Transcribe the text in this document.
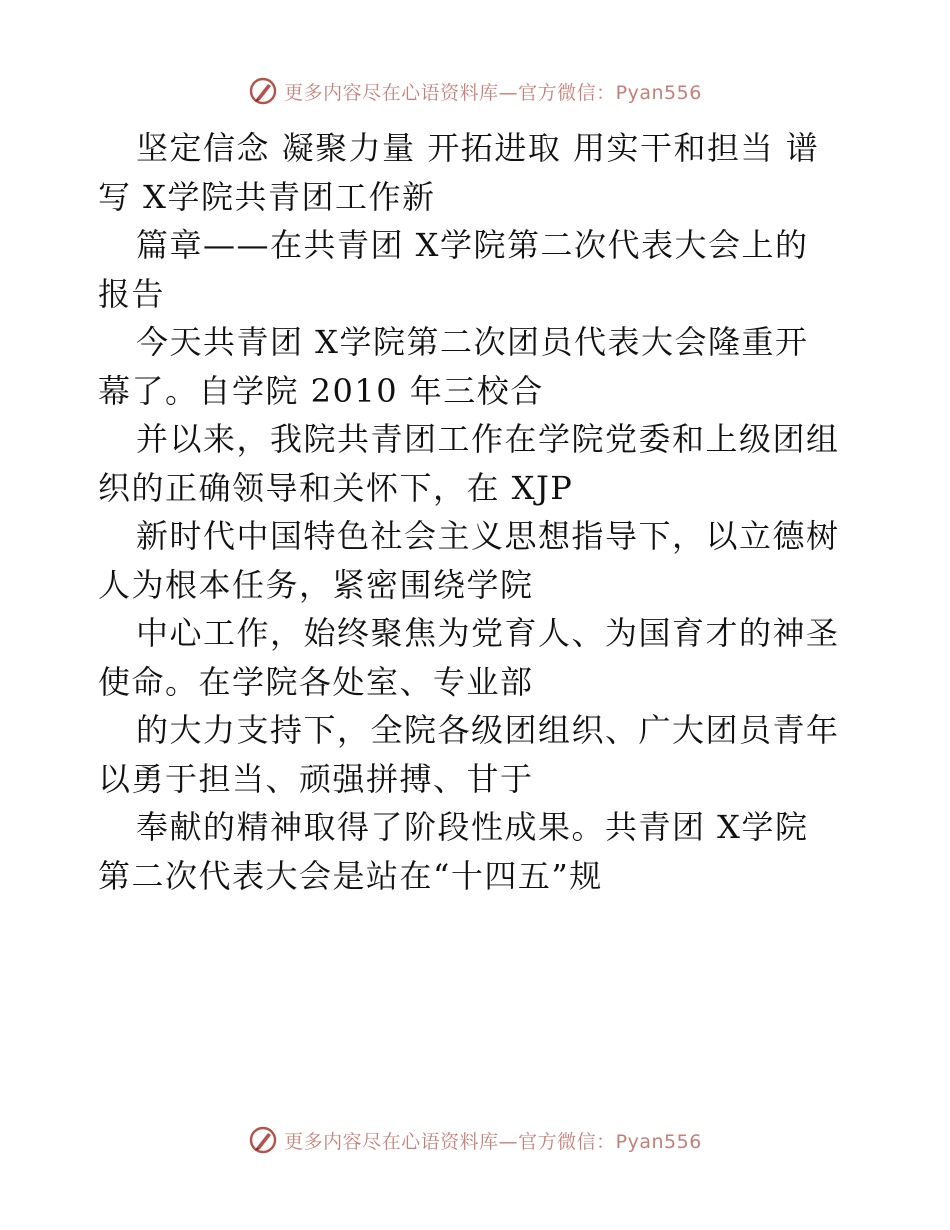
更多内容尽在心语资料库—官方微信：Pyan556
坚定信念 凝聚力量 开拓进取 用实干和担当 谱
写 X学院共青团工作新
篇章——在共青团 X学院第二次代表大会上的
报告
今天共青团 X学院第二次团员代表大会隆重开
幕了。自学院 2010 年三校合
并以来，我院共青团工作在学院党委和上级团组
织的正确领导和关怀下，在 XJP
新时代中国特色社会主义思想指导下，以立德树
人为根本任务，紧密围绕学院
中心工作，始终聚焦为党育人、为国育才的神圣
使命。在学院各处室、专业部
的大力支持下，全院各级团组织、广大团员青年
以勇于担当、顽强拼搏、甘于
奉献的精神取得了阶段性成果。共青团 X学院
第二次代表大会是站在“十四五”规
更多内容尽在心语资料库—官方微信：Pyan556
